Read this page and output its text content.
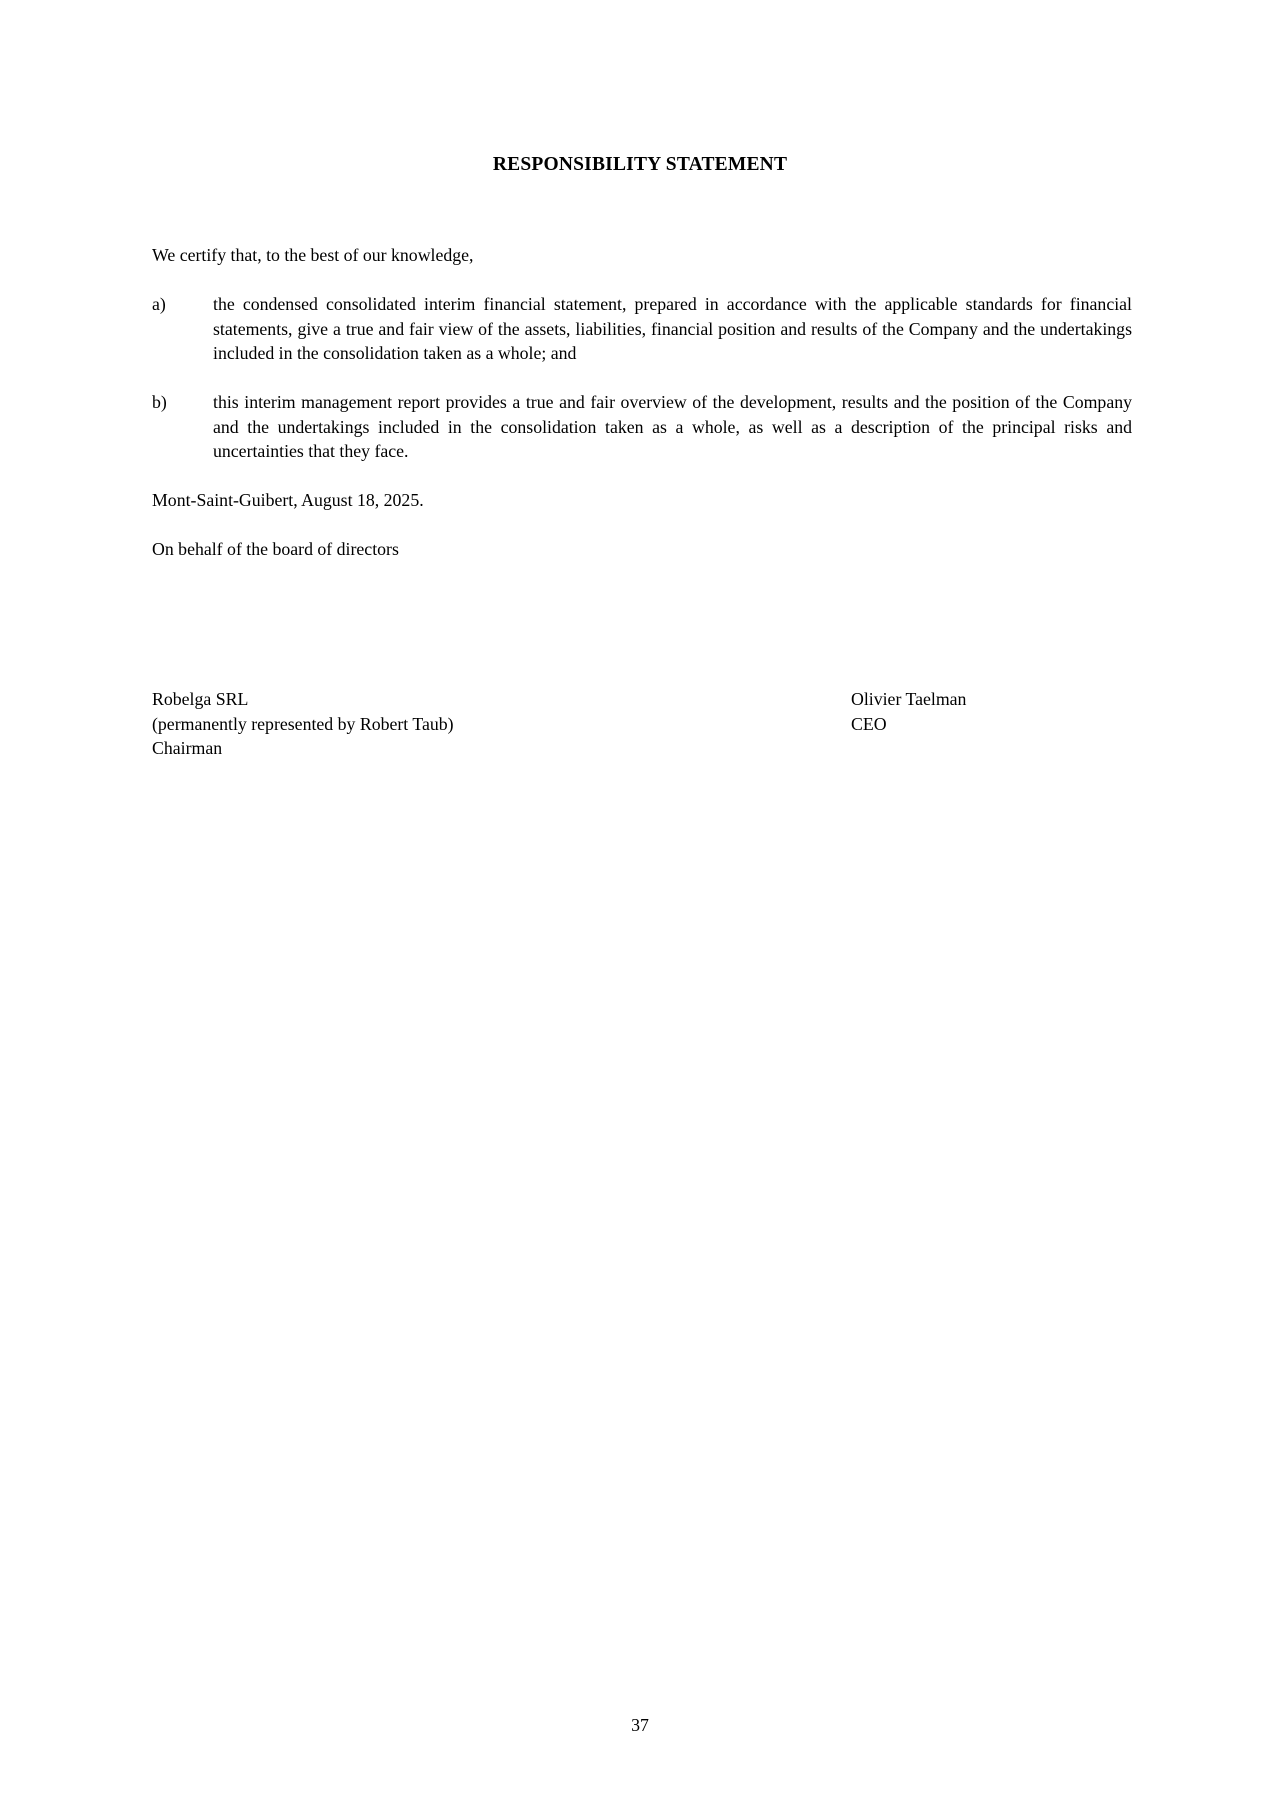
RESPONSIBILITY STATEMENT
We certify that, to the best of our knowledge,
a)	the condensed consolidated interim financial statement, prepared in accordance with the applicable standards for financial statements, give a true and fair view of the assets, liabilities, financial position and results of the Company and the undertakings included in the consolidation taken as a whole; and
b)	this interim management report provides a true and fair overview of the development, results and the position of the Company and the undertakings included in the consolidation taken as a whole, as well as a description of the principal risks and uncertainties that they face.
Mont-Saint-Guibert, August 18, 2025.
On behalf of the board of directors
Robelga SRL
(permanently represented by Robert Taub)
Chairman
Olivier Taelman
CEO
37
